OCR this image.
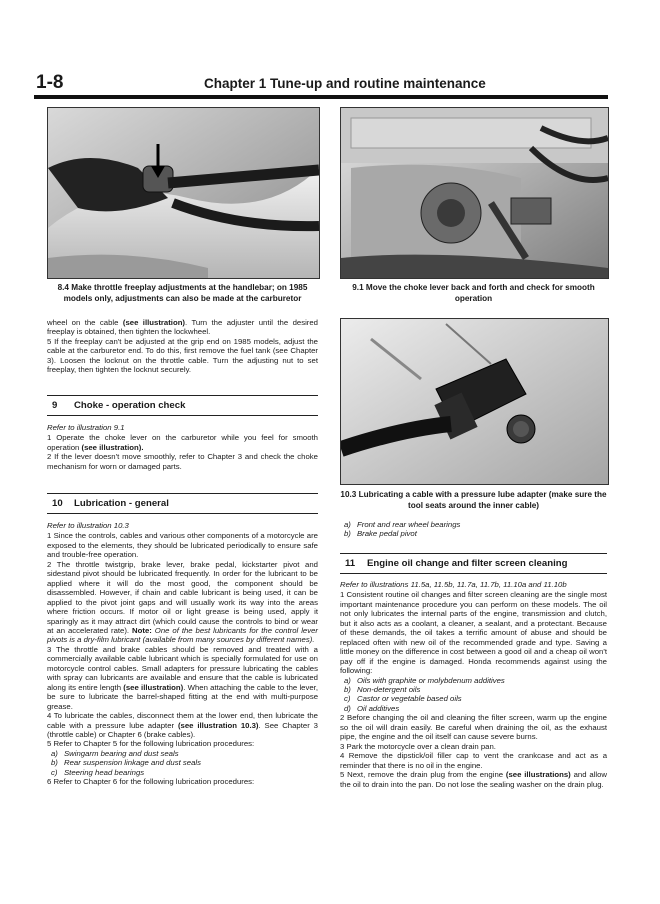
1-8	Chapter 1 Tune-up and routine maintenance
8.4 Make throttle freeplay adjustments at the handlebar; on 1985 models only, adjustments can also be made at the carburetor
9.1 Move the choke lever back and forth and check for smooth operation
10.3 Lubricating a cable with a pressure lube adapter (make sure the tool seats around the inner cable)

wheel on the cable (see illustration). Turn the adjuster until the desired freeplay is obtained, then tighten the lockwheel.

5 If the freeplay can't be adjusted at the grip end on 1985 models, adjust the cable at the carburetor end. To do this, first remove the fuel tank (see Chapter 3). Loosen the locknut on the throttle cable. Turn the adjusting nut to set freeplay, then tighten the locknut securely.

9 Choke - operation check

Refer to illustration 9.1

1 Operate the choke lever on the carburetor while you feel for smooth operation (see illustration).

2 If the lever doesn't move smoothly, refer to Chapter 3 and check the choke mechanism for worn or damaged parts.

10 Lubrication - general

Refer to illustration 10.3

1 Since the controls, cables and various other components of a motorcycle are exposed to the elements, they should be lubricated periodically to ensure safe and trouble-free operation.

2 The throttle twistgrip, brake lever, brake pedal, kickstarter pivot and sidestand pivot should be lubricated frequently. In order for the lubricant to be applied where it will do the most good, the component should be disassembled. However, if chain and cable lubricant is being used, it can be applied to the pivot joint gaps and will usually work its way into the areas where friction occurs. If motor oil or light grease is being used, apply it sparingly as it may attract dirt (which could cause the controls to bind or wear at an accelerated rate). Note: One of the best lubricants for the control lever pivots is a dry-film lubricant (available from many sources by different names).

3 The throttle and brake cables should be removed and treated with a commercially available cable lubricant which is specially formulated for use on motorcycle control cables. Small adapters for pressure lubricating the cables with spray can lubricants are available and ensure that the cable is lubricated along its entire length (see illustration). When attaching the cable to the lever, be sure to lubricate the barrel-shaped fitting at the end with multi-purpose grease.

4 To lubricate the cables, disconnect them at the lower end, then lubricate the cable with a pressure lube adapter (see illustration 10.3). See Chapter 3 (throttle cable) or Chapter 6 (brake cables).

5 Refer to Chapter 5 for the following lubrication procedures:

a) Swingarm bearing and dust seals

b) Rear suspension linkage and dust seals

c) Steering head bearings

6 Refer to Chapter 6 for the following lubrication procedures:

a) Front and rear wheel bearings

b) Brake pedal pivot

11 Engine oil change and filter screen cleaning

Refer to illustrations 11.5a, 11.5b, 11.7a, 11.7b, 11.10a and 11.10b

1 Consistent routine oil changes and filter screen cleaning are the single most important maintenance procedure you can perform on these models. The oil not only lubricates the internal parts of the engine, transmission and clutch, but it also acts as a coolant, a cleaner, a sealant, and a protectant. Because of these demands, the oil takes a terrific amount of abuse and should be replaced often with new oil of the recommended grade and type. Saving a little money on the difference in cost between a good oil and a cheap oil won't pay off if the engine is damaged. Honda recommends against using the following:

a) Oils with graphite or molybdenum additives

b) Non-detergent oils

c) Castor or vegetable based oils

d) Oil additives

2 Before changing the oil and cleaning the filter screen, warm up the engine so the oil will drain easily. Be careful when draining the oil, as the exhaust pipe, the engine and the oil itself can cause severe burns.

3 Park the motorcycle over a clean drain pan.

4 Remove the dipstick/oil filler cap to vent the crankcase and act as a reminder that there is no oil in the engine.

5 Next, remove the drain plug from the engine (see illustrations) and allow the oil to drain into the pan. Do not lose the sealing washer on the drain plug.
